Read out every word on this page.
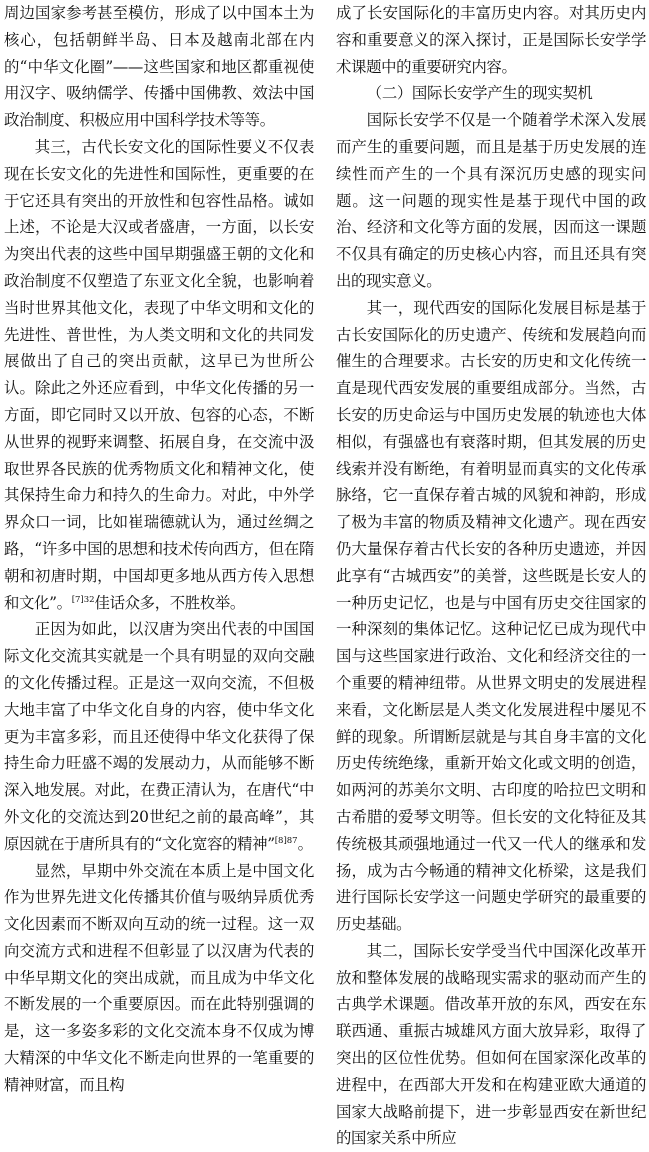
周边国家参考甚至模仿，形成了以中国本土为核心，包括朝鲜半岛、日本及越南北部在内的“中华文化圈”——这些国家和地区都重视使用汉字、吸纳儒学、传播中国佛教、效法中国政治制度、积极应用中国科学技术等等。

其三，古代长安文化的国际性要义不仅表现在长安文化的先进性和国际性，更重要的在于它还具有突出的开放性和包容性品格。诚如上述，不论是大汉或者盛唐，一方面，以长安为突出代表的这些中国早期强盛王朝的文化和政治制度不仅塑造了东亚文化全貌，也影响着当时世界其他文化，表现了中华文明和文化的先进性、普世性，为人类文明和文化的共同发展做出了自己的突出贡献，这早已为世所公认。除此之外还应看到，中华文化传播的另一方面，即它同时又以开放、包容的心态，不断从世界的视野来调整、拓展自身，在交流中汲取世界各民族的优秀物质文化和精神文化，使其保持生命力和持久的生命力。对此，中外学界众口一词，比如崔瑞德就认为，通过丝绸之路，“许多中国的思想和技术传向西方，但在隋朝和初唐时期，中国却更多地从西方传入思想和文化”。$^{[7]32}$佳话众多，不胜枚举。

正因为如此，以汉唐为突出代表的中国国际文化交流其实就是一个具有明显的双向交融的文化传播过程。正是这一双向交流，不但极大地丰富了中华文化自身的内容，使中华文化更为丰富多彩，而且还使得中华文化获得了保持生命力旺盛不竭的发展动力，从而能够不断深入地发展。对此，在费正清认为，在唐代“中外文化的交流达到20世纪之前的最高峰”，其原因就在于唐所具有的“文化宽容的精神”$^{[8]87}$。

显然，早期中外交流在本质上是中国文化作为世界先进文化传播其价值与吸纳异质优秀文化因素而不断双向互动的统一过程。这一双向交流方式和进程不但彰显了以汉唐为代表的中华早期文化的突出成就，而且成为中华文化不断发展的一个重要原因。而在此特别强调的是，这一多姿多彩的文化交流本身不仅成为博大精深的中华文化不断走向世界的一笔重要的精神财富，而且构

成了长安国际化的丰富历史内容。对其历史内容和重要意义的深入探讨，正是国际长安学学术课题中的重要研究内容。

（二）国际长安学产生的现实契机

国际长安学不仅是一个随着学术深入发展而产生的重要问题，而且是基于历史发展的连续性而产生的一个具有深沉历史感的现实问题。这一问题的现实性是基于现代中国的政治、经济和文化等方面的发展，因而这一课题不仅具有确定的历史核心内容，而且还具有突出的现实意义。

其一，现代西安的国际化发展目标是基于古长安国际化的历史遗产、传统和发展趋向而催生的合理要求。古长安的历史和文化传统一直是现代西安发展的重要组成部分。当然，古长安的历史命运与中国历史发展的轨迹也大体相似，有强盛也有衰落时期，但其发展的历史线索并没有断绝，有着明显而真实的文化传承脉络，它一直保存着古城的风貌和神韵，形成了极为丰富的物质及精神文化遗产。现在西安仍大量保存着古代长安的各种历史遗迹，并因此享有“古城西安”的美誉，这些既是长安人的一种历史记忆，也是与中国有历史交往国家的一种深刻的集体记忆。这种记忆已成为现代中国与这些国家进行政治、文化和经济交往的一个重要的精神纽带。从世界文明史的发展进程来看，文化断层是人类文化发展进程中屡见不鲜的现象。所谓断层就是与其自身丰富的文化历史传统绝缘，重新开始文化或文明的创造，如两河的苏美尔文明、古印度的哈拉巴文明和古希腊的爱琴文明等。但长安的文化特征及其传统极其顽强地通过一代又一代人的继承和发扬，成为古今畅通的精神文化桥梁，这是我们进行国际长安学这一问题史学研究的最重要的历史基础。

其二，国际长安学受当代中国深化改革开放和整体发展的战略现实需求的驱动而产生的古典学术课题。借改革开放的东风，西安在东联西通、重振古城雄风方面大放异彩，取得了突出的区位性优势。但如何在国家深化改革的进程中，在西部大开发和在构建亚欧大通道的国家大战略前提下，进一步彰显西安在新世纪的国家关系中所应
